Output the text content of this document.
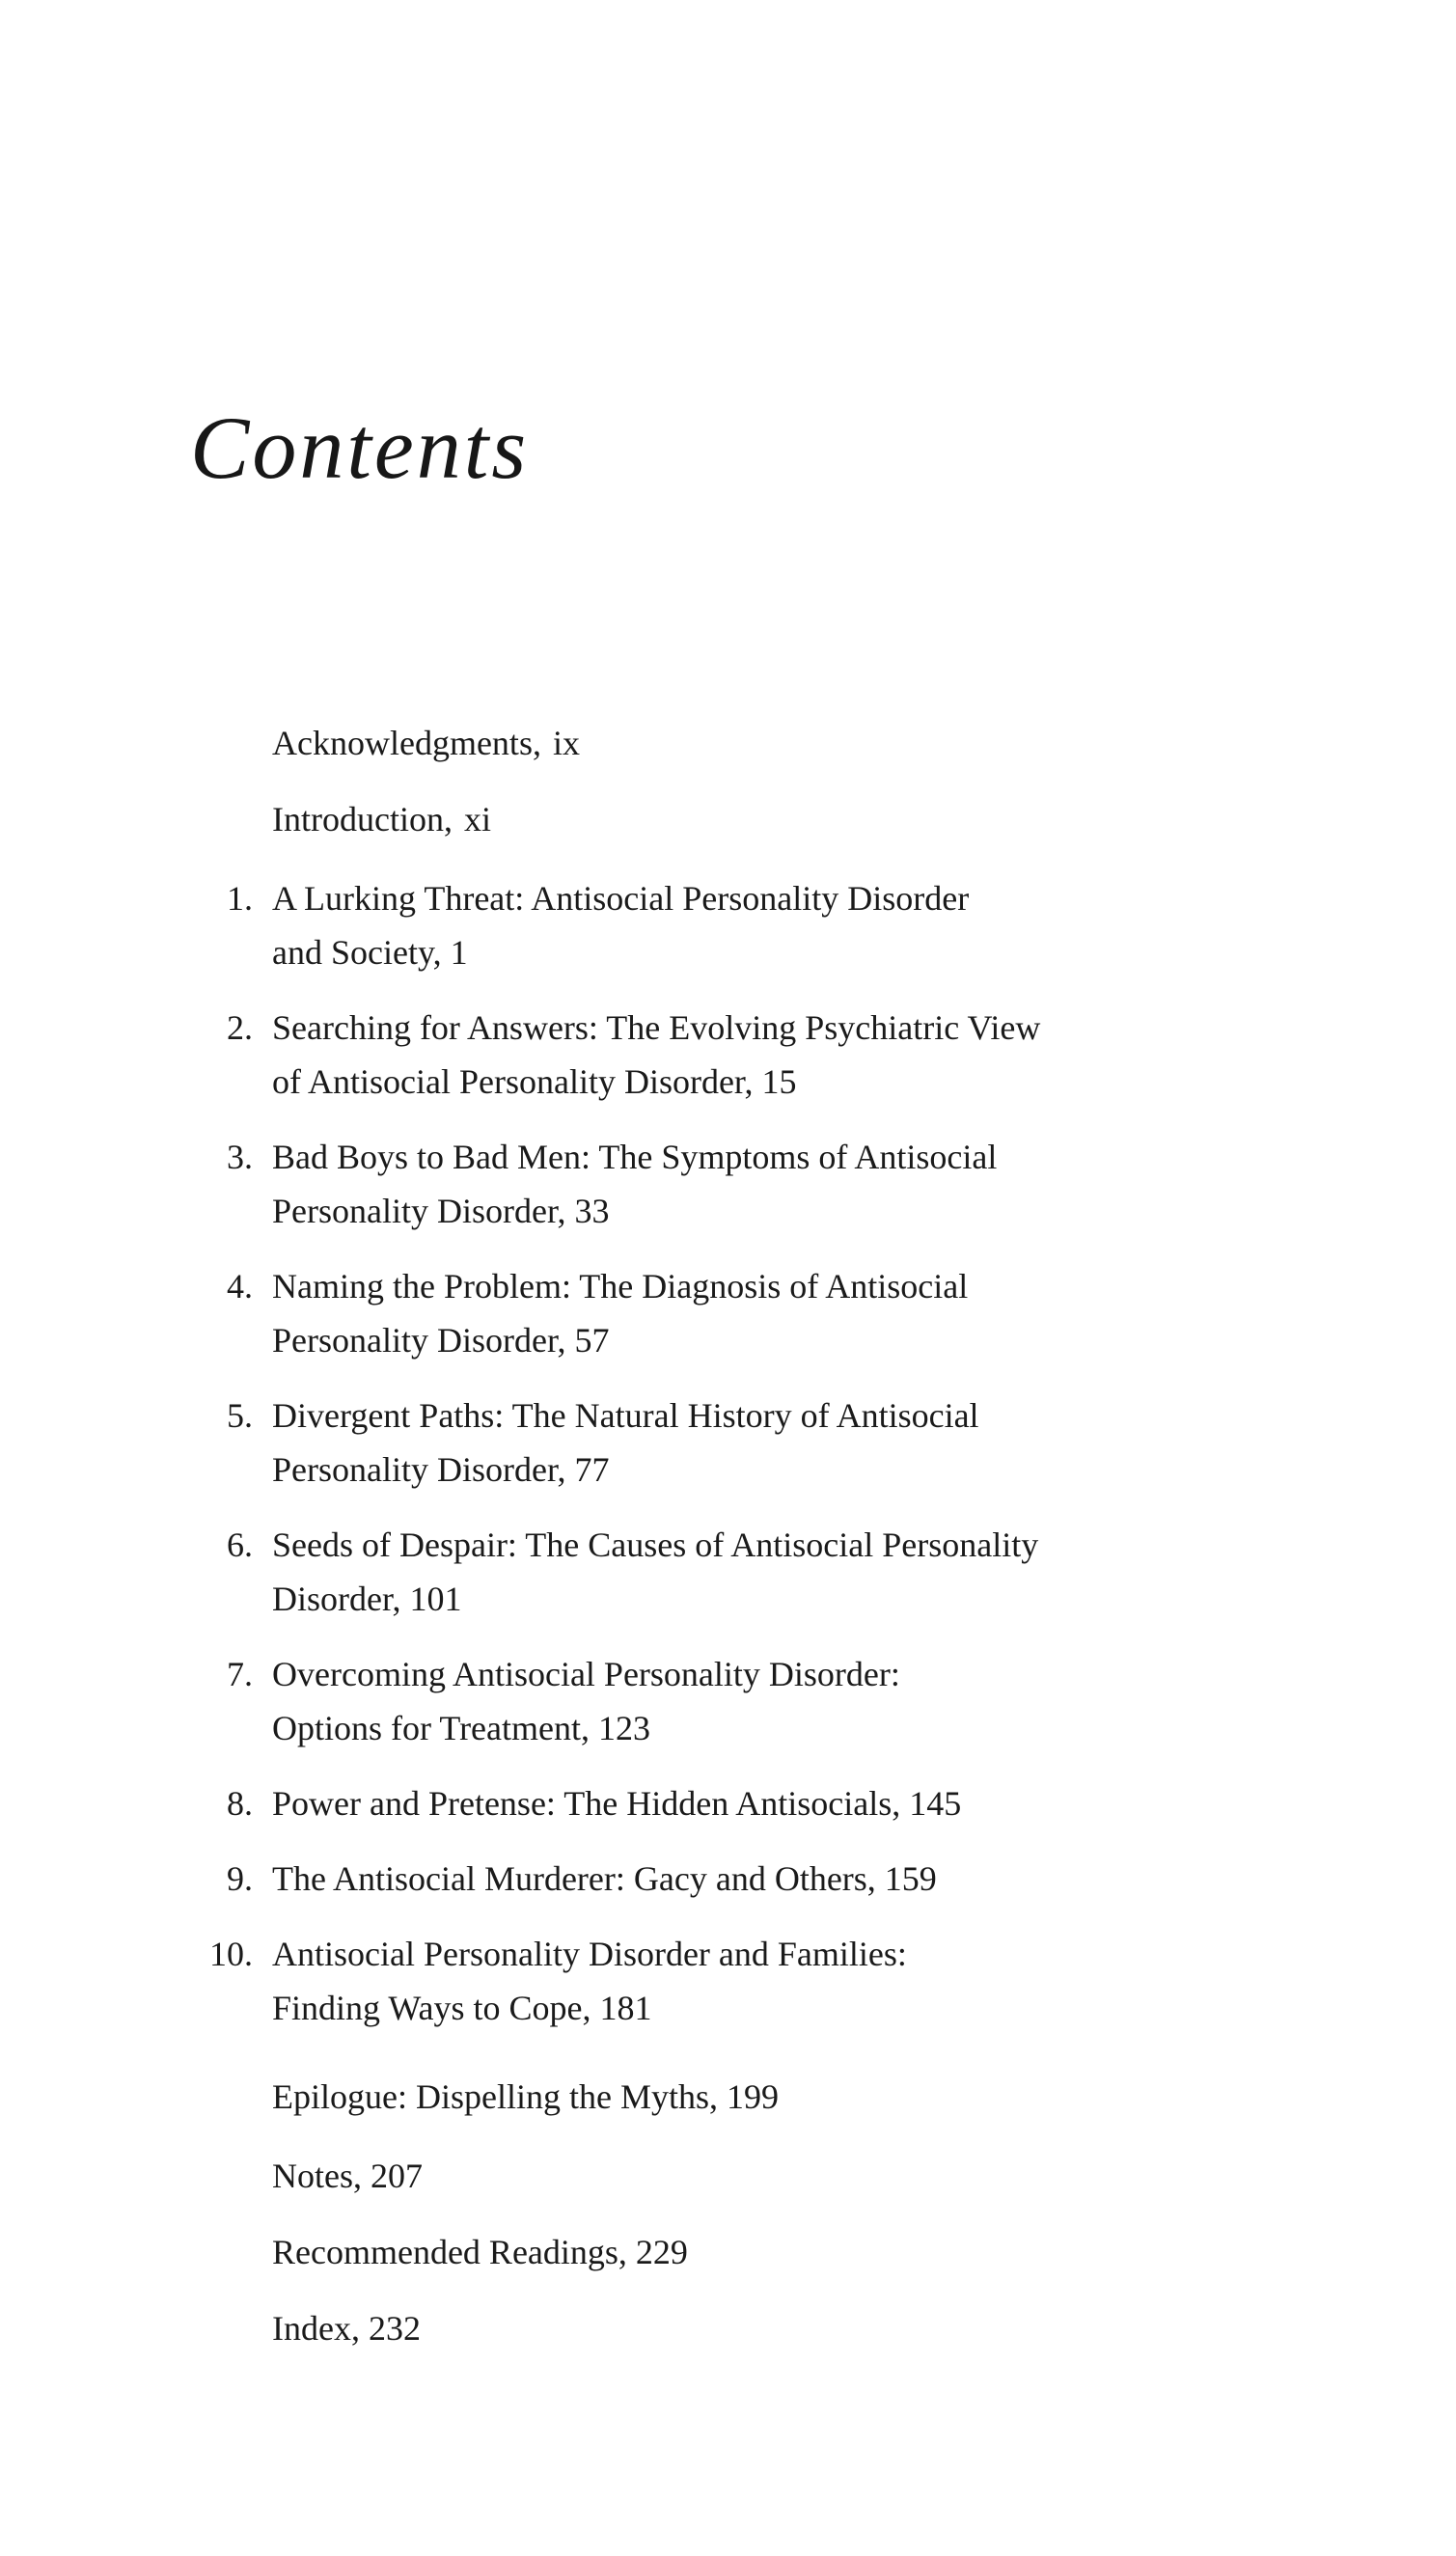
Contents

Acknowledgments, ix

Introduction, xi

1. A Lurking Threat: Antisocial Personality Disorder
and Society, 1
2. Searching for Answers: The Evolving Psychiatric View
of Antisocial Personality Disorder, 15
3. Bad Boys to Bad Men: The Symptoms of Antisocial
Personality Disorder, 33
4. Naming the Problem: The Diagnosis of Antisocial
Personality Disorder, 57
5. Divergent Paths: The Natural History of Antisocial
Personality Disorder, 77
6. Seeds of Despair: The Causes of Antisocial Personality
Disorder, 101
7. Overcoming Antisocial Personality Disorder:
Options for Treatment, 123
8. Power and Pretense: The Hidden Antisocials, 145
9. The Antisocial Murderer: Gacy and Others, 159
10. Antisocial Personality Disorder and Families:
Finding Ways to Cope, 181

Epilogue: Dispelling the Myths, 199

Notes, 207

Recommended Readings, 229

Index, 232
